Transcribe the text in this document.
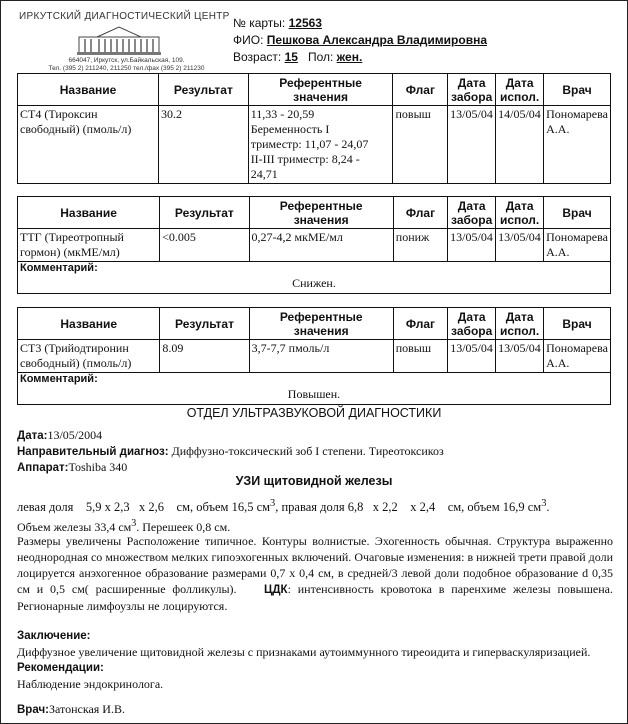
ИРКУТСКИЙ ДИАГНОСТИЧЕСКИЙ ЦЕНТР
664047, Иркутск, ул.Байкальская, 109.
Тел. (395 2) 211240, 211250 тел./фах (395 2) 211230
№ карты: 12563
ФИО: Пешкова Александра Владимировна
Возраст: 15 Пол: жен.
Название	Результат	Референтные значения	Флаг	Дата забора	Дата испол.	Врач
СТ4 (Тироксин свободный) (пмоль/л)	30.2	11,33 - 20,59
Беременность I
триместр: 11,07 - 24,07
II-III триместр: 8,24 -
24,71	повыш	13/05/04	14/05/04	Пономарева А.А.
Название	Результат	Референтные значения	Флаг	Дата забора	Дата испол.	Врач
ТТГ (Тиреотропный гормон) (мкМЕ/мл)	<0.005	0,27-4,2 мкМЕ/мл	пониж	13/05/04	13/05/04	Пономарева А.А.

Комментарий:
Снижен.						
Название	Результат	Референтные значения	Флаг	Дата забора	Дата испол.	Врач
СТ3 (Трийодтиронин свободный) (пмоль/л)	8.09	3,7-7,7 пмоль/л	повыш	13/05/04	13/05/04	Пономарева А.А.

Комментарий:
Повышен.						
ОТДЕЛ УЛЬТРАЗВУКОВОЙ ДИАГНОСТИКИ
Дата:13/05/2004
Направительный диагноз: Диффузно-токсический зоб I степени. Тиреотоксикоз
Аппарат:Toshiba 340
УЗИ щитовидной железы
левая доля 5,9 x 2,3 x 2,6 см, объем 16,5 $см^3$, правая доля 6,8 x 2,2 x 2,4 см, объем 16,9 $см^3$.
Объем железы 33,4 $см^3$. Перешеек 0,8 см.
Размеры увеличены Расположение типичное. Контуры волнистые. Эхогенность обычная. Структура выраженно неоднородная со множеством мелких гипоэхогенных включений. Очаговые изменения: в нижней трети правой доли лоцируется анэхогенное образование размерами 0,7 х 0,4 см, в средней/3 левой доли подобное образование d 0,35 см и 0,5 см( расширенные фолликулы). ЦДК: интенсивность кровотока в паренхиме железы повышена. Регионарные лимфоузлы не лоцируются.
Заключение:
Диффузное увеличение щитовидной железы с признаками аутоиммунного тиреоидита и гиперваскуляризацией.
Рекомендации:
Наблюдение эндокринолога.
Врач:Затонская И.В.
